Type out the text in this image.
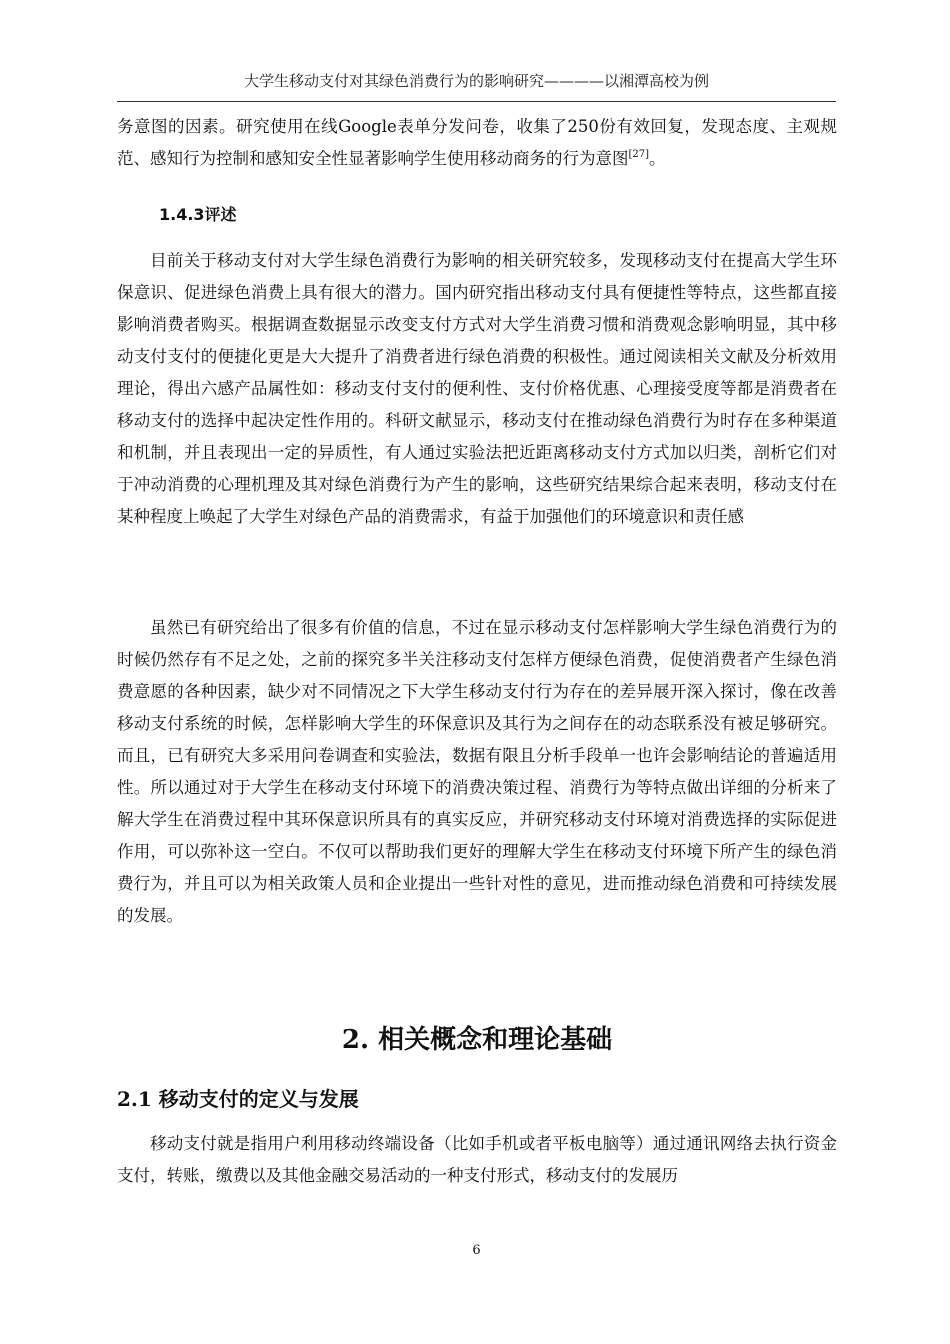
大学生移动支付对其绿色消费行为的影响研究————以湘潭高校为例

务意图的因素。研究使用在线Google表单分发问卷，收集了250份有效回复，发现态度、主观规范、感知行为控制和感知安全性显著影响学生使用移动商务的行为意图[27]。

1.4.3评述

目前关于移动支付对大学生绿色消费行为影响的相关研究较多，发现移动支付在提高大学生环保意识、促进绿色消费上具有很大的潜力。国内研究指出移动支付具有便捷性等特点，这些都直接影响消费者购买。根据调查数据显示改变支付方式对大学生消费习惯和消费观念影响明显，其中移动支付支付的便捷化更是大大提升了消费者进行绿色消费的积极性。通过阅读相关文献及分析效用理论，得出六感产品属性如：移动支付支付的便利性、支付价格优惠、心理接受度等都是消费者在移动支付的选择中起决定性作用的。科研文献显示，移动支付在推动绿色消费行为时存在多种渠道和机制，并且表现出一定的异质性，有人通过实验法把近距离移动支付方式加以归类，剖析它们对于冲动消费的心理机理及其对绿色消费行为产生的影响，这些研究结果综合起来表明，移动支付在某种程度上唤起了大学生对绿色产品的消费需求，有益于加强他们的环境意识和责任感

虽然已有研究给出了很多有价值的信息，不过在显示移动支付怎样影响大学生绿色消费行为的时候仍然存有不足之处，之前的探究多半关注移动支付怎样方便绿色消费，促使消费者产生绿色消费意愿的各种因素，缺少对不同情况之下大学生移动支付行为存在的差异展开深入探讨，像在改善移动支付系统的时候，怎样影响大学生的环保意识及其行为之间存在的动态联系没有被足够研究。而且，已有研究大多采用问卷调查和实验法，数据有限且分析手段单一也许会影响结论的普遍适用性。所以通过对于大学生在移动支付环境下的消费决策过程、消费行为等特点做出详细的分析来了解大学生在消费过程中其环保意识所具有的真实反应，并研究移动支付环境对消费选择的实际促进作用，可以弥补这一空白。不仅可以帮助我们更好的理解大学生在移动支付环境下所产生的绿色消费行为，并且可以为相关政策人员和企业提出一些针对性的意见，进而推动绿色消费和可持续发展的发展。

2. 相关概念和理论基础
2.1 移动支付的定义与发展

移动支付就是指用户利用移动终端设备（比如手机或者平板电脑等）通过通讯网络去执行资金支付，转账，缴费以及其他金融交易活动的一种支付形式，移动支付的发展历

6
